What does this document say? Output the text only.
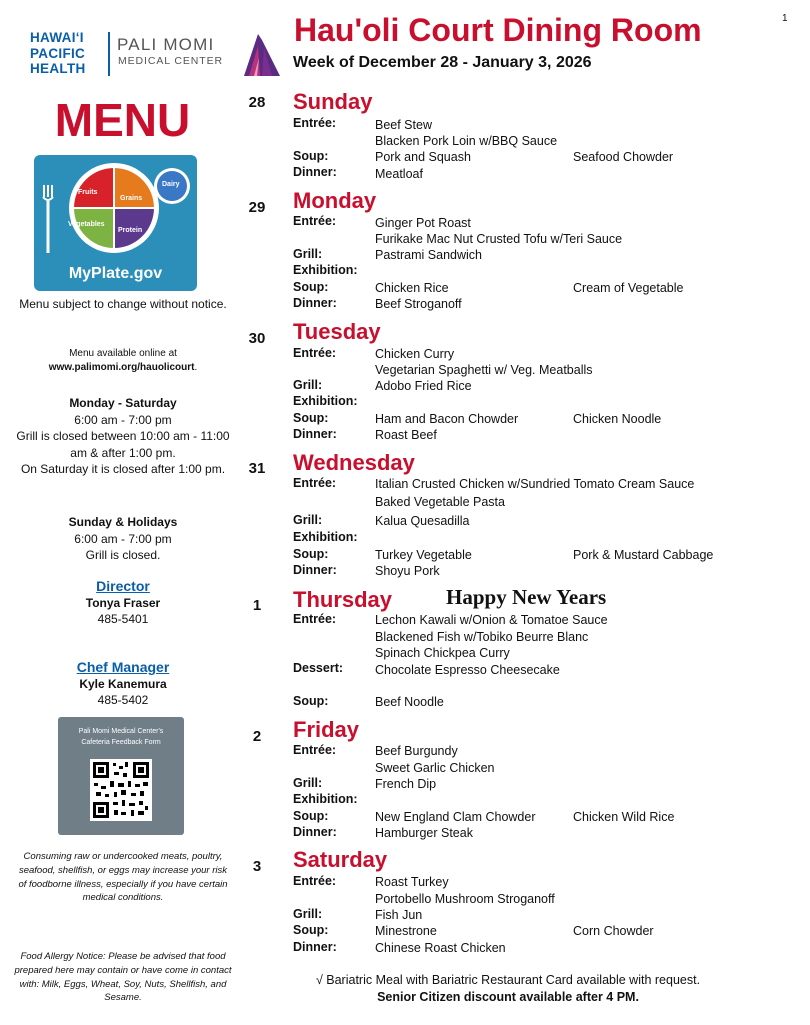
1
HAWAI‘I
PACIFIC
HEALTH
PALI MOMI
MEDICAL CENTER
Hau'oli Court Dining Room
Week of December 28 - January 3, 2026
MENU
Fruits
Grains
Vegetables
Protein
Dairy
MyPlate.gov
Menu subject to change without notice.
Menu available online at
www.palimomi.org/hauolicourt.
Monday - Saturday
6:00 am - 7:00 pm
Grill is closed between 10:00 am - 11:00 am & after 1:00 pm.
On Saturday it is closed after 1:00 pm.
Sunday & Holidays
6:00 am - 7:00 pm
Grill is closed.
Director
Tonya Fraser
485-5401
Chef Manager
Kyle Kanemura
485-5402
Pali Momi Medical Center's
Cafeteria Feedback Form
Consuming raw or undercooked meats, poultry, seafood, shellfish, or eggs may increase your risk of foodborne illness, especially if you have certain medical conditions.
Food Allergy Notice: Please be advised that food prepared here may contain or have come in contact with: Milk, Eggs, Wheat, Soy, Nuts, Shellfish, and Sesame.
28 Sunday
Entrée:	Beef Stew
Blacken Pork Loin w/BBQ Sauce
Soup:	Pork and Squash	Seafood Chowder
Dinner:	Meatloaf
29 Monday
Entrée:	Ginger Pot Roast
Furikake Mac Nut Crusted Tofu w/Teri Sauce
Grill:	Pastrami Sandwich
Exhibition:
Soup:	Chicken Rice	Cream of Vegetable
Dinner:	Beef Stroganoff
30 Tuesday
Entrée:	Chicken Curry
Vegetarian Spaghetti w/ Veg. Meatballs
Grill:	Adobo Fried Rice
Exhibition:
Soup:	Ham and Bacon Chowder	Chicken Noodle
Dinner:	Roast Beef
31 Wednesday
Entrée:	Italian Crusted Chicken w/Sundried Tomato Cream Sauce
Baked Vegetable Pasta
Grill:	Kalua Quesadilla
Exhibition:
Soup:	Turkey Vegetable	Pork & Mustard Cabbage
Dinner:	Shoyu Pork
1	Thursday	Happy New Years
Entrée:	Lechon Kawali w/Onion & Tomatoe Sauce
Blackened Fish w/Tobiko Beurre Blanc
Spinach Chickpea Curry
Dessert:	Chocolate Espresso Cheesecake
Soup:	Beef Noodle
2	Friday
Entrée:	Beef Burgundy
Sweet Garlic Chicken
Grill:	French Dip
Exhibition:
Soup:	New England Clam Chowder	Chicken Wild Rice
Dinner:	Hamburger Steak
3	Saturday
Entrée:	Roast Turkey
Portobello Mushroom Stroganoff
Grill:	Fish Jun
Soup:	Minestrone	Corn Chowder
Dinner:	Chinese Roast Chicken
√ Bariatric Meal with Bariatric Restaurant Card available with request.
Senior Citizen discount available after 4 PM.
